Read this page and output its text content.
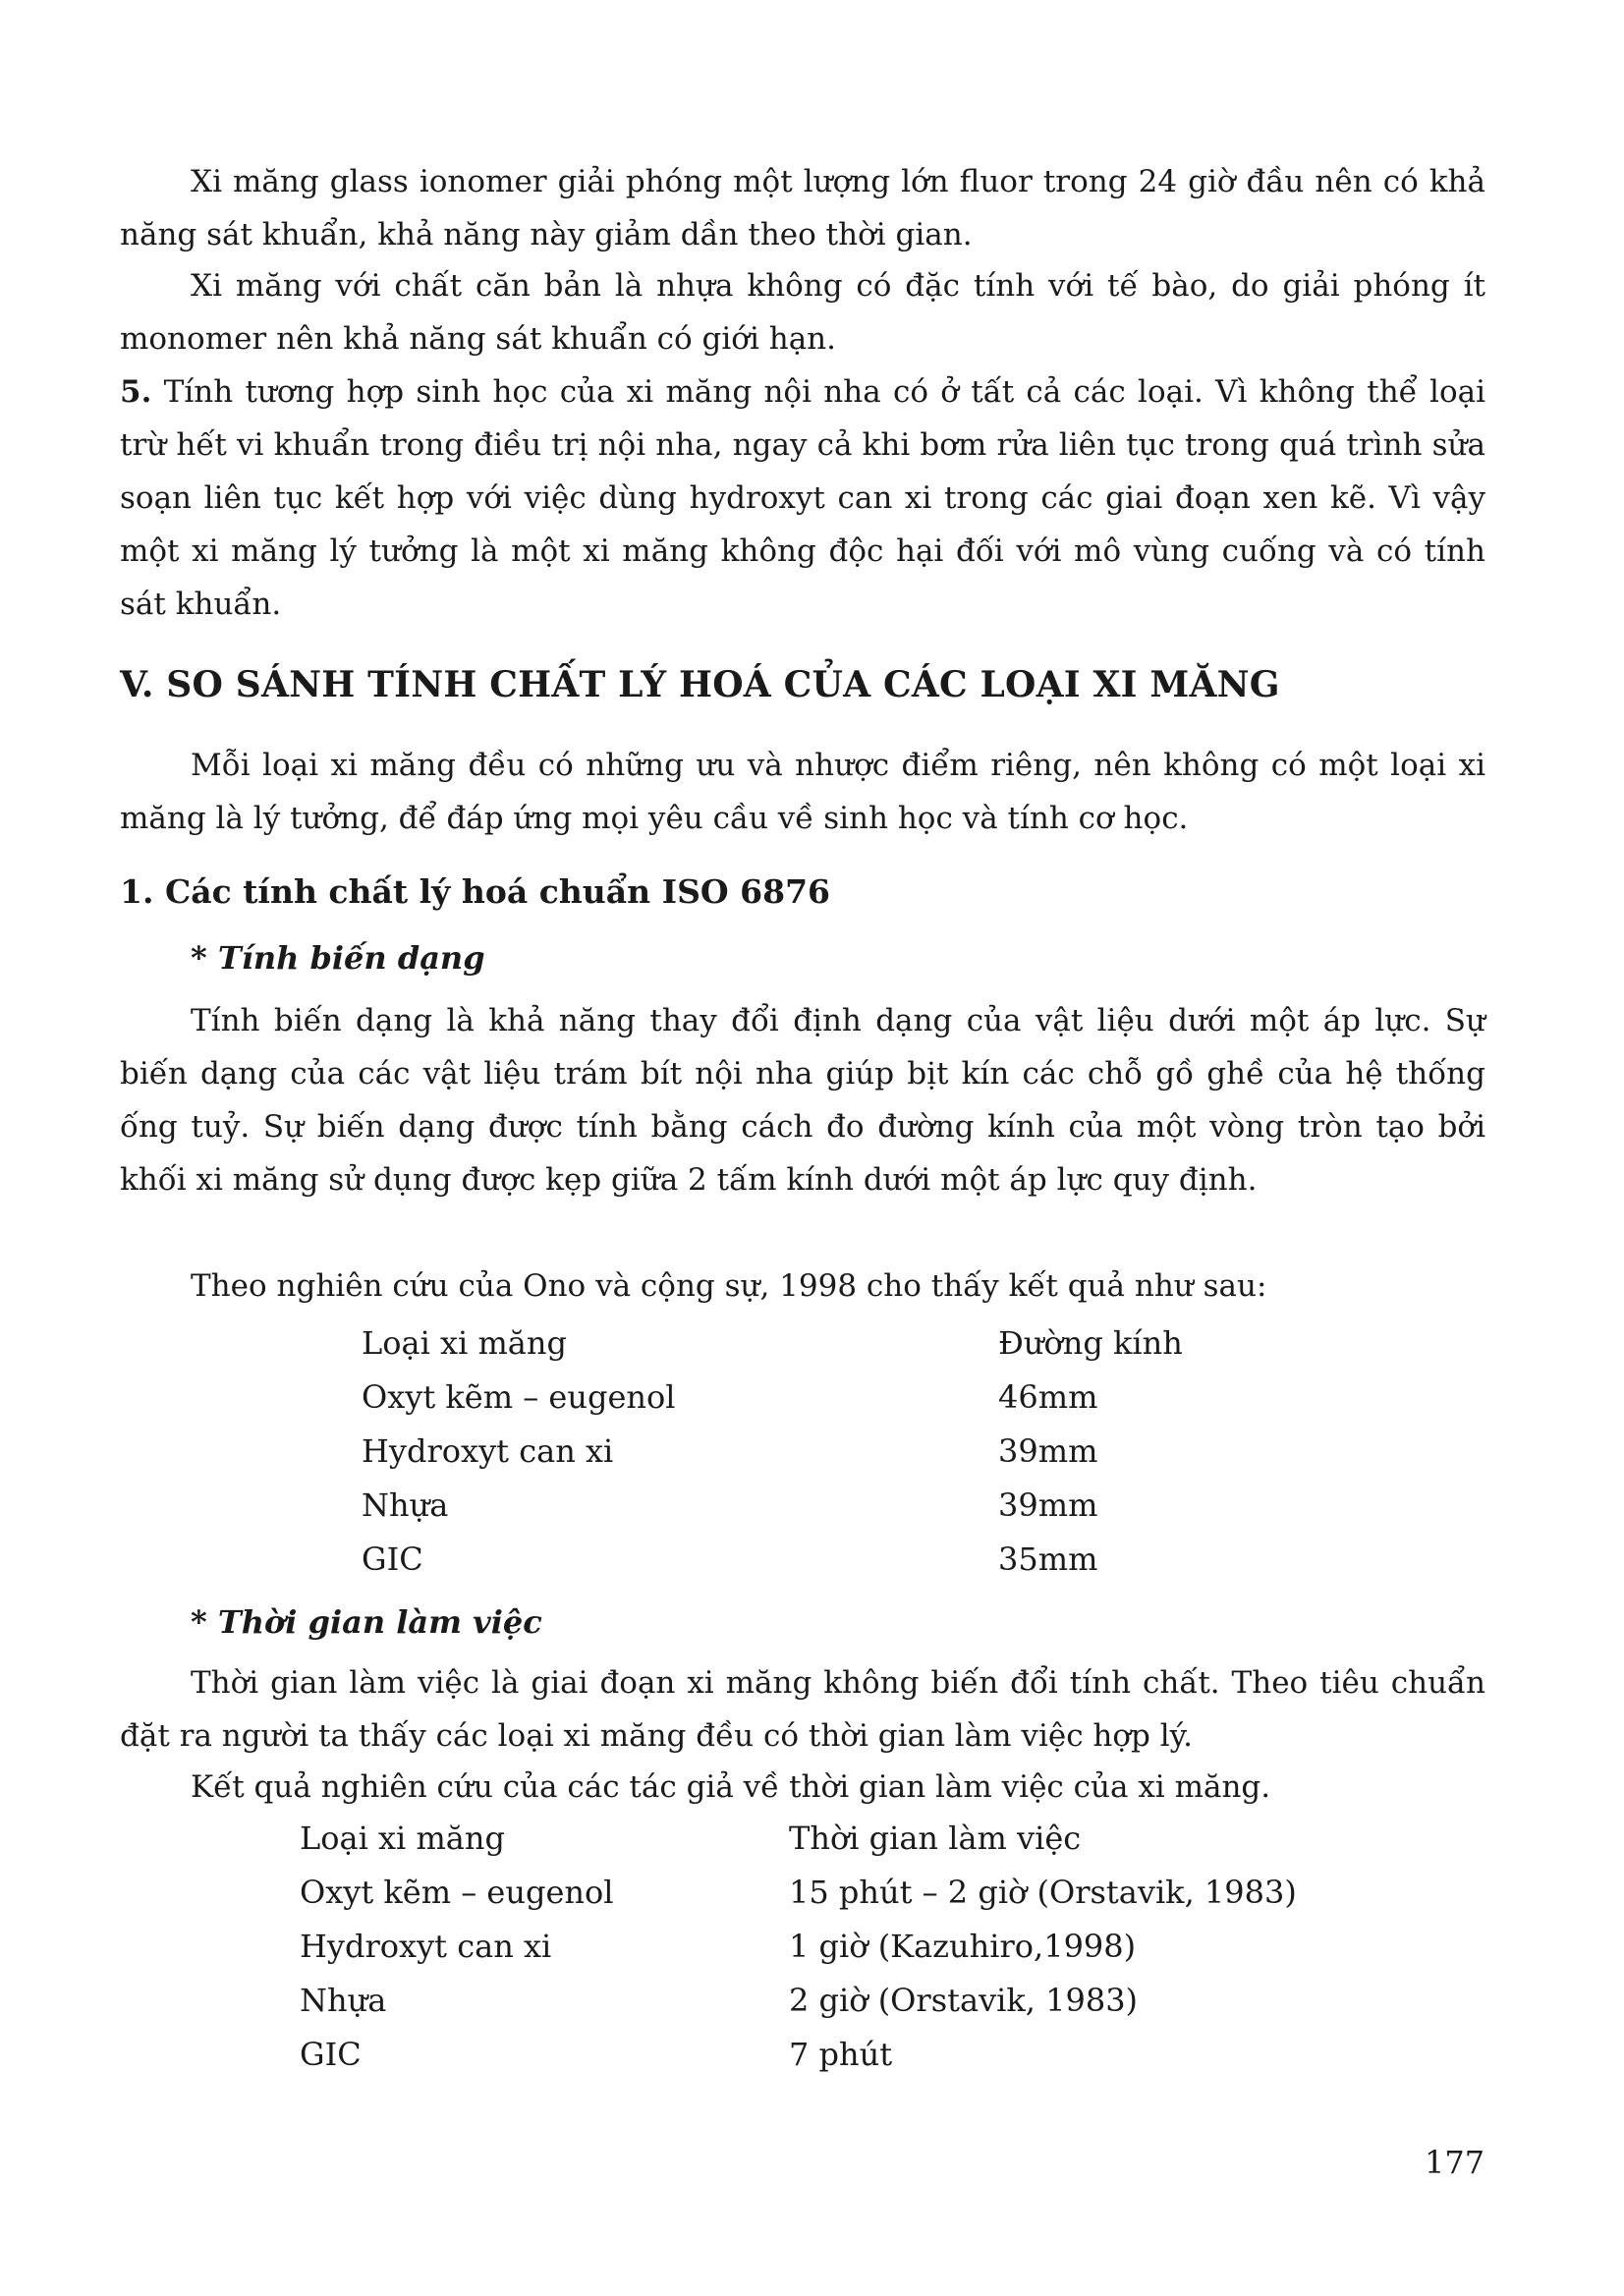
Xi măng glass ionomer giải phóng một lượng lớn fluor trong 24 giờ đầu nên có khả năng sát khuẩn, khả năng này giảm dần theo thời gian.

Xi măng với chất căn bản là nhựa không có đặc tính với tế bào, do giải phóng ít monomer nên khả năng sát khuẩn có giới hạn.

5. Tính tương hợp sinh học của xi măng nội nha có ở tất cả các loại. Vì không thể loại trừ hết vi khuẩn trong điều trị nội nha, ngay cả khi bơm rửa liên tục trong quá trình sửa soạn liên tục kết hợp với việc dùng hydroxyt can xi trong các giai đoạn xen kẽ. Vì vậy một xi măng lý tưởng là một xi măng không độc hại đối với mô vùng cuống và có tính sát khuẩn.

V. SO SÁNH TÍNH CHẤT LÝ HOÁ CỦA CÁC LOẠI XI MĂNG

Mỗi loại xi măng đều có những ưu và nhược điểm riêng, nên không có một loại xi măng là lý tưởng, để đáp ứng mọi yêu cầu về sinh học và tính cơ học.

1. Các tính chất lý hoá chuẩn ISO 6876
* Tính biến dạng

Tính biến dạng là khả năng thay đổi định dạng của vật liệu dưới một áp lực. Sự biến dạng của các vật liệu trám bít nội nha giúp bịt kín các chỗ gồ ghề của hệ thống ống tuỷ. Sự biến dạng được tính bằng cách đo đường kính của một vòng tròn tạo bởi khối xi măng sử dụng được kẹp giữa 2 tấm kính dưới một áp lực quy định.

Theo nghiên cứu của Ono và cộng sự, 1998 cho thấy kết quả như sau:

Loại xi măng	Đường kính
Oxyt kẽm – eugenol	46mm
Hydroxyt can xi	39mm
Nhựa	39mm
GIC	35mm
* Thời gian làm việc

Thời gian làm việc là giai đoạn xi măng không biến đổi tính chất. Theo tiêu chuẩn đặt ra người ta thấy các loại xi măng đều có thời gian làm việc hợp lý.

Kết quả nghiên cứu của các tác giả về thời gian làm việc của xi măng.

Loại xi măng	Thời gian làm việc
Oxyt kẽm – eugenol	15 phút – 2 giờ (Orstavik, 1983)
Hydroxyt can xi	1 giờ (Kazuhiro,1998)
Nhựa	2 giờ (Orstavik, 1983)
GIC	7 phút
177
